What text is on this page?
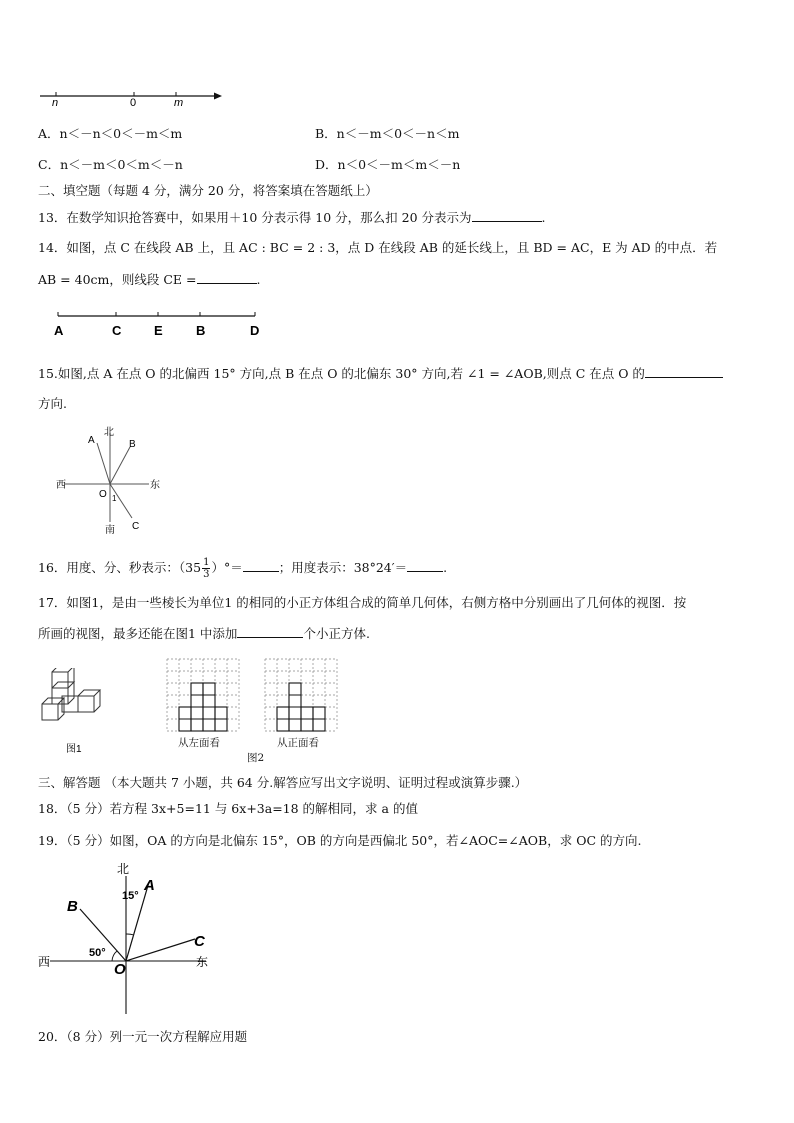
n	0	m
A．n＜－n＜0＜－m＜m	B．n＜－m＜0＜－n＜m
C．n＜－m＜0＜m＜－n	D．n＜0＜－m＜m＜－n
二、填空题（每题 4 分，满分 20 分，将答案填在答题纸上）
13．在数学知识抢答赛中，如果用＋10 分表示得 10 分，那么扣 20 分表示为	.
14．如图，点 C 在线段 AB 上，且 AC : BC = 2 : 3，点 D 在线段 AB 的延长线上，且 BD = AC，E 为 AD 的中点．若
AB = 40cm，则线段 CE =	.
A	C	E	B	D
15.如图,点 A 在点 O 的北偏西 15° 方向,点 B 在点 O 的北偏东 30° 方向,若 ∠1 = ∠AOB,则点 C 在点 O 的
方向.
北
A	B
西	东
O 1
南 C
16．用度、分、秒表示：（$35 \frac{1}{3}$ ）°＝	；用度表示：38°24′＝	.
17．如图1，是由一些棱长为单位1 的相同的小正方体组合成的简单几何体，右侧方格中分别画出了几何体的视图．按
所画的视图，最多还能在图1 中添加	个小正方体.
图1
从左面看	从正面看
图2
三、解答题 （本大题共 7 小题，共 64 分.解答应写出文字说明、证明过程或演算步骤.）
18．（5 分）若方程 3x+5=11 与 6x+3a=18 的解相同，求 a 的值
19．（5 分）如图，OA 的方向是北偏东 15°，OB 的方向是西偏北 50°，若∠AOC=∠AOB，求 OC 的方向.
北
15°
A
B
C
50°
西	东
O
20．（8 分）列一元一次方程解应用题
